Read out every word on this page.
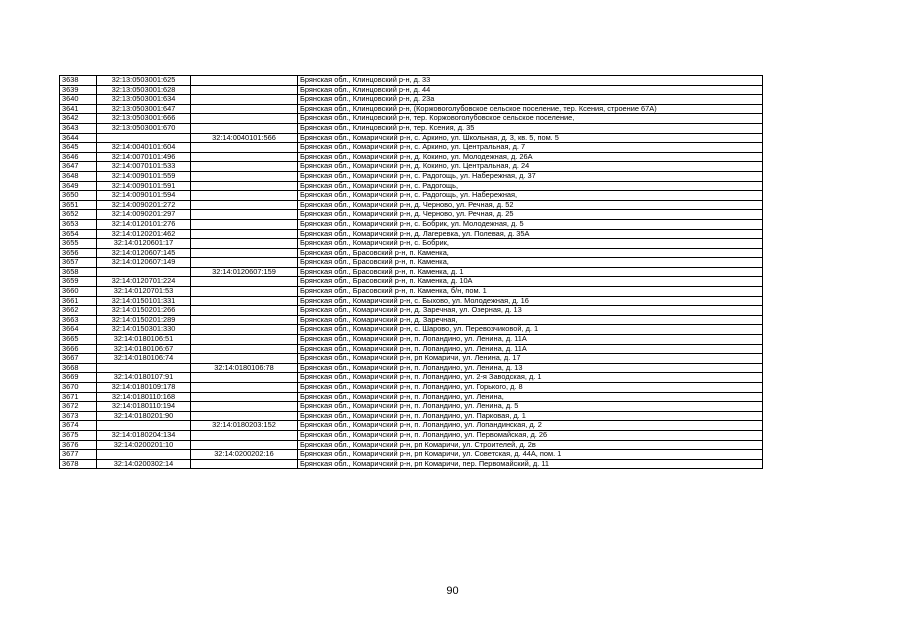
3638	32:13:0503001:625		Брянская обл., Клинцовский р-н, д. 33
3639	32:13:0503001:628		Брянская обл., Клинцовский р-н, д. 44
3640	32:13:0503001:634		Брянская обл., Клинцовский р-н, д. 23а
3641	32:13:0503001:647		Брянская обл., Клинцовский р-н, (Коржовоголубовское сельское поселение, тер. Ксения, строение 67А)
3642	32:13:0503001:666		Брянская обл., Клинцовский р-н, тер. Коржовоголубовское сельское поселение,
3643	32:13:0503001:670		Брянская обл., Клинцовский р-н, тер. Ксения, д. 35
3644		32:14:0040101:566	Брянская обл., Комаричский р-н, с. Аркино, ул. Школьная, д. 3, кв. 5, пом. 5
3645	32:14:0040101:604		Брянская обл., Комаричский р-н, с. Аркино, ул. Центральная, д. 7
3646	32:14:0070101:496		Брянская обл., Комаричский р-н, д. Кокино, ул. Молодежная, д. 26А
3647	32:14:0070101:533		Брянская обл., Комаричский р-н, д. Кокино, ул. Центральная, д. 24
3648	32:14:0090101:559		Брянская обл., Комаричский р-н, с. Радогощь, ул. Набережная, д. 37
3649	32:14:0090101:591		Брянская обл., Комаричский р-н, с. Радогощь,
3650	32:14:0090101:594		Брянская обл., Комаричский р-н, с. Радогощь, ул. Набережная,
3651	32:14:0090201:272		Брянская обл., Комаричский р-н, д. Черново, ул. Речная, д. 52
3652	32:14:0090201:297		Брянская обл., Комаричский р-н, д. Черново, ул. Речная, д. 25
3653	32:14:0120101:276		Брянская обл., Комаричский р-н, с. Бобрик, ул. Молодежная, д. 5
3654	32:14:0120201:462		Брянская обл., Комаричский р-н, д. Лагеревка, ул. Полевая, д. 35А
3655	32:14:0120601:17		Брянская обл., Комаричский р-н, с. Бобрик,
3656	32:14:0120607:145		Брянская обл., Брасовский р-н, п. Каменка,
3657	32:14:0120607:149		Брянская обл., Брасовский р-н, п. Каменка,
3658		32:14:0120607:159	Брянская обл., Брасовский р-н, п. Каменка, д. 1
3659	32:14:0120701:224		Брянская обл., Брасовский р-н, п. Каменка, д. 10А
3660	32:14:0120701:53		Брянская обл., Брасовский р-н, п. Каменка, б/н, пом. 1
3661	32:14:0150101:331		Брянская обл., Комаричский р-н, с. Быхово, ул. Молодежная, д. 16
3662	32:14:0150201:266		Брянская обл., Комаричский р-н, д. Заречная, ул. Озерная, д. 13
3663	32:14:0150201:289		Брянская обл., Комаричский р-н, д. Заречная,
3664	32:14:0150301:330		Брянская обл., Комаричский р-н, с. Шарово, ул. Перевозчиковой, д. 1
3665	32:14:0180106:51		Брянская обл., Комаричский р-н, п. Лопандино, ул. Ленина, д. 11А
3666	32:14:0180106:67		Брянская обл., Комаричский р-н, п. Лопандино, ул. Ленина, д. 11А
3667	32:14:0180106:74		Брянская обл., Комаричский р-н, рп Комаричи, ул. Ленина, д. 17
3668		32:14:0180106:78	Брянская обл., Комаричский р-н, п. Лопандино, ул. Ленина, д. 13
3669	32:14:0180107:91		Брянская обл., Комаричский р-н, п. Лопандино, ул. 2-я Заводская, д. 1
3670	32:14:0180109:178		Брянская обл., Комаричский р-н, п. Лопандино, ул. Горького, д. 8
3671	32:14:0180110:168		Брянская обл., Комаричский р-н, п. Лопандино, ул. Ленина,
3672	32:14:0180110:194		Брянская обл., Комаричский р-н, п. Лопандино, ул. Ленина, д. 5
3673	32:14:0180201:90		Брянская обл., Комаричский р-н, п. Лопандино, ул. Парковая, д. 1
3674		32:14:0180203:152	Брянская обл., Комаричский р-н, п. Лопандино, ул. Лопандинская, д. 2
3675	32:14:0180204:134		Брянская обл., Комаричский р-н, п. Лопандино, ул. Первомайская, д. 26
3676	32:14:0200201:10		Брянская обл., Комаричский р-н, рп Комаричи, ул. Строителей, д. 2в
3677		32:14:0200202:16	Брянская обл., Комаричский р-н, рп Комаричи, ул. Советская, д. 44А, пом. 1
3678	32:14:0200302:14		Брянская обл., Комаричский р-н, рп Комаричи, пер. Первомайский, д. 11
90
